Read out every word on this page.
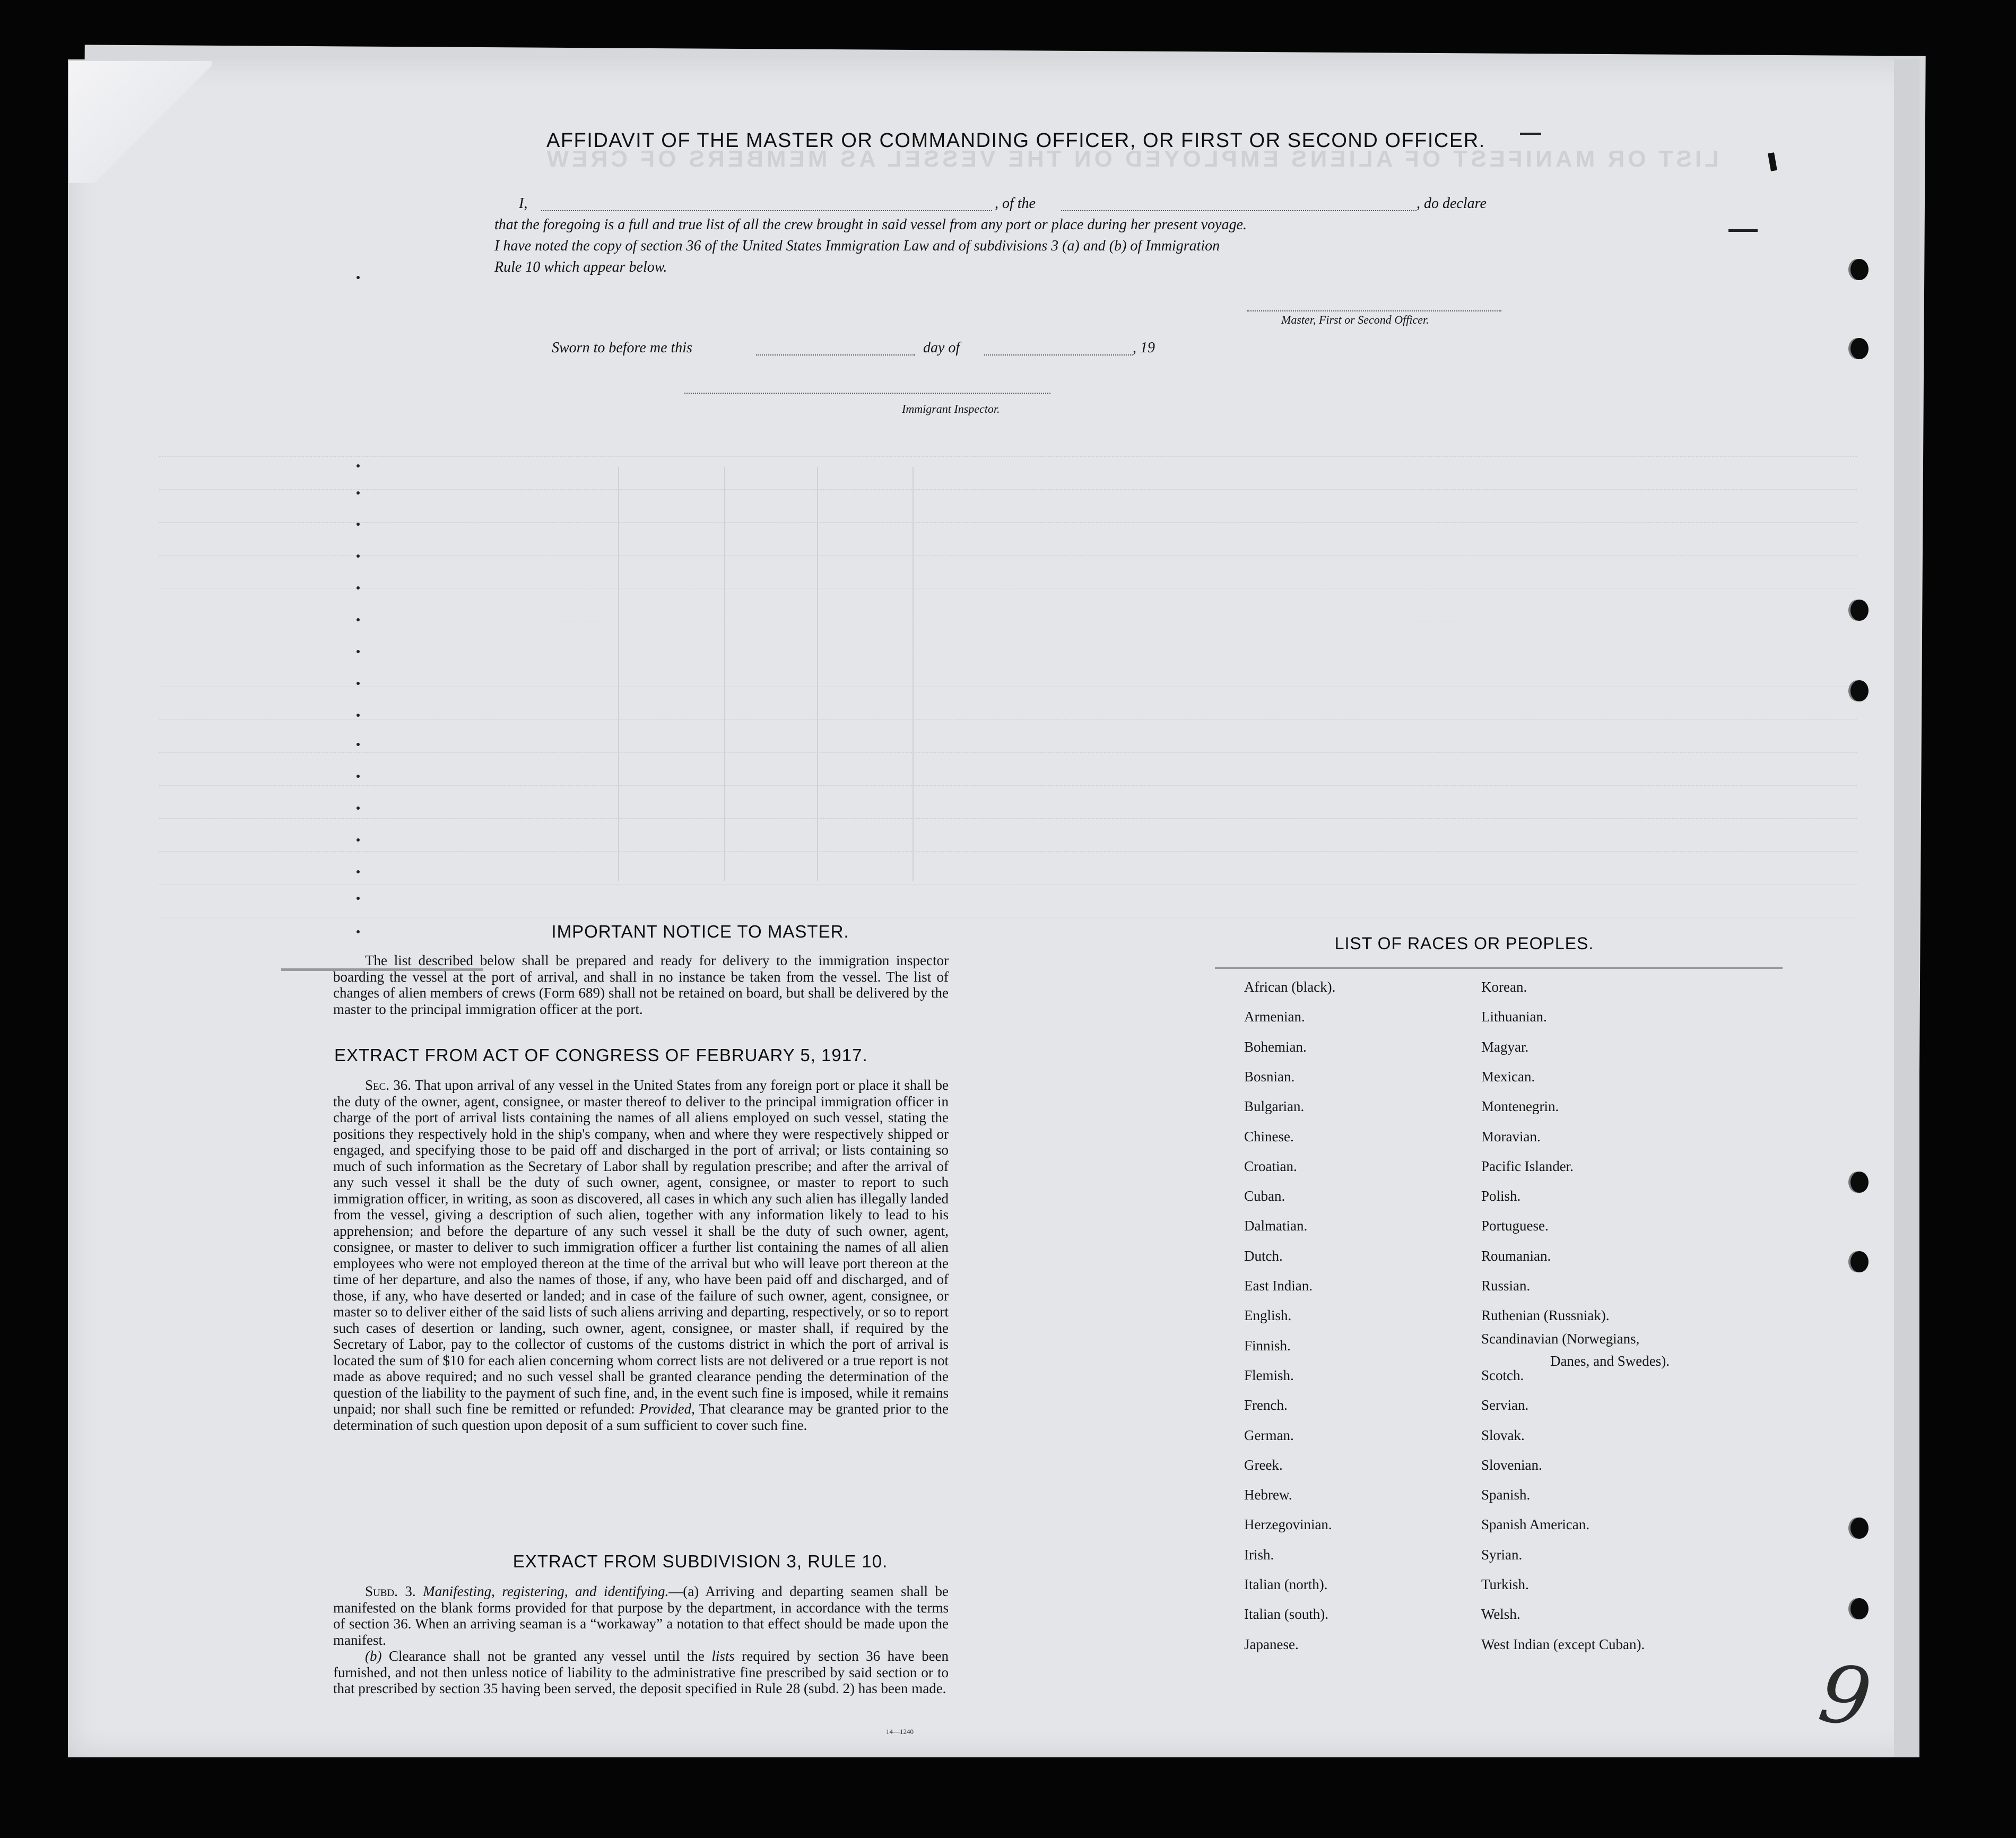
LIST OR MANIFEST OF ALIENS EMPLOYED ON THE VESSEL AS MEMBERS OF CREW
AFFIDAVIT OF THE MASTER OR COMMANDING OFFICER, OR FIRST OR SECOND OFFICER.
I,	, of the	, do declare
that the foregoing is a full and true list of all the crew brought in said vessel from any port or place during her present voyage.
I have noted the copy of section 36 of the United States Immigration Law and of subdivisions 3 (a) and (b) of Immigration
Rule 10 which appear below.
Master, First or Second Officer.
Sworn to before me this	day of	, 19
Immigrant Inspector.
IMPORTANT NOTICE TO MASTER.

The list described below shall be prepared and ready for delivery to the immigration inspector boarding the vessel at the port of arrival, and shall in no instance be taken from the vessel. The list of changes of alien members of crews (Form 689) shall not be retained on board, but shall be delivered by the master to the principal immigration officer at the port.

EXTRACT FROM ACT OF CONGRESS OF FEBRUARY 5, 1917.

Sec. 36. That upon arrival of any vessel in the United States from any foreign port or place it shall be the duty of the owner, agent, consignee, or master thereof to deliver to the principal immigration officer in charge of the port of arrival lists containing the names of all aliens employed on such vessel, stating the positions they respectively hold in the ship's company, when and where they were respectively shipped or engaged, and specifying those to be paid off and discharged in the port of arrival; or lists containing so much of such information as the Secretary of Labor shall by regulation prescribe; and after the arrival of any such vessel it shall be the duty of such owner, agent, consignee, or master to report to such immigration officer, in writing, as soon as discovered, all cases in which any such alien has illegally landed from the vessel, giving a description of such alien, together with any information likely to lead to his apprehension; and before the departure of any such vessel it shall be the duty of such owner, agent, consignee, or master to deliver to such immigration officer a further list containing the names of all alien employees who were not employed thereon at the time of the arrival but who will leave port thereon at the time of her departure, and also the names of those, if any, who have been paid off and discharged, and of those, if any, who have deserted or landed; and in case of the failure of such owner, agent, consignee, or master so to deliver either of the said lists of such aliens arriving and departing, respectively, or so to report such cases of desertion or landing, such owner, agent, consignee, or master shall, if required by the Secretary of Labor, pay to the collector of customs of the customs district in which the port of arrival is located the sum of $10 for each alien concerning whom correct lists are not delivered or a true report is not made as above required; and no such vessel shall be granted clearance pending the determination of the question of the liability to the payment of such fine, and, in the event such fine is imposed, while it remains unpaid; nor shall such fine be remitted or refunded: Provided, That clearance may be granted prior to the determination of such question upon deposit of a sum sufficient to cover such fine.

EXTRACT FROM SUBDIVISION 3, RULE 10.

Subd. 3. Manifesting, registering, and identifying.—(a) Arriving and departing seamen shall be manifested on the blank forms provided for that purpose by the department, in accordance with the terms of section 36. When an arriving seaman is a “workaway” a notation to that effect should be made upon the manifest.

(b) Clearance shall not be granted any vessel until the lists required by section 36 have been furnished, and not then unless notice of liability to the administrative fine prescribed by said section or to that prescribed by section 35 having been served, the deposit specified in Rule 28 (subd. 2) has been made.

14—1240
LIST OF RACES OR PEOPLES.
African (black).
Armenian.
Bohemian.
Bosnian.
Bulgarian.
Chinese.
Croatian.
Cuban.
Dalmatian.
Dutch.
East Indian.
English.
Finnish.
Flemish.
French.
German.
Greek.
Hebrew.
Herzegovinian.
Irish.
Italian (north).
Italian (south).
Japanese.
Korean.
Lithuanian.
Magyar.
Mexican.
Montenegrin.
Moravian.
Pacific Islander.
Polish.
Portuguese.
Roumanian.
Russian.
Ruthenian (Russniak).
Scandinavian (Norwegians,
Danes, and Swedes).
Scotch.
Servian.
Slovak.
Slovenian.
Spanish.
Spanish American.
Syrian.
Turkish.
Welsh.
West Indian (except Cuban).
9
